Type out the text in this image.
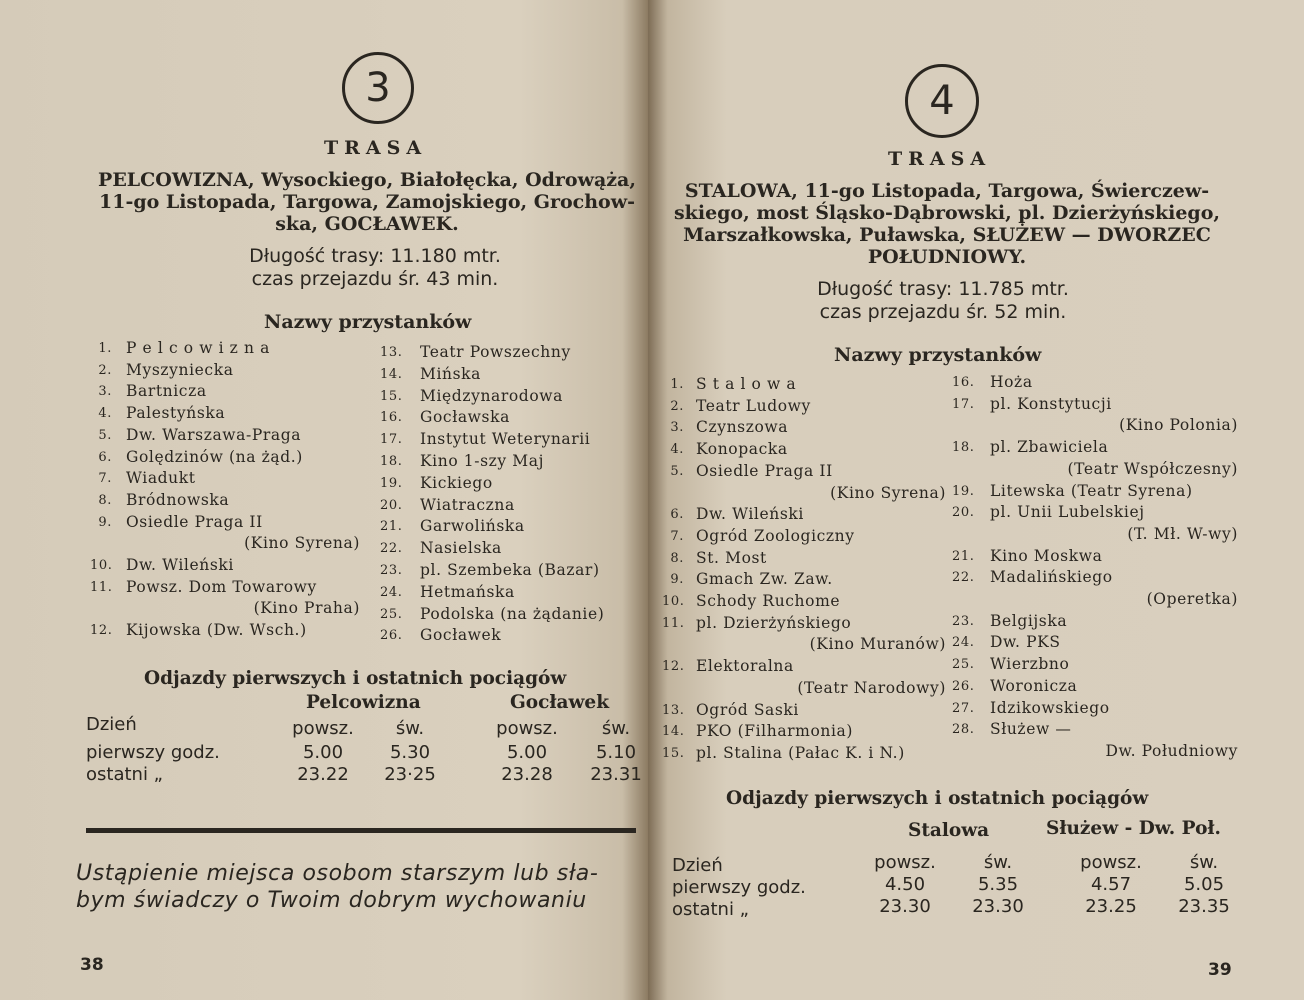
3
TRASA
PELCOWIZNA, Wysockiego, Białołęcka, Odrowąża,
11-go Listopada, Targowa, Zamojskiego, Grochow-
ska, GOCŁAWEK.
Długość trasy: 11.180 mtr.
czas przejazdu śr. 43 min.
Nazwy przystanków
1. P e l c o w i z n a
2. Myszyniecka
3. Bartnicza
4. Palestyńska
5. Dw. Warszawa-Praga
6. Golędzinów (na żąd.)
7. Wiadukt
8. Bródnowska
9. Osiedle Praga II
(Kino Syrena)
10. Dw. Wileński
11. Powsz. Dom Towarowy
(Kino Praha)
12. Kijowska (Dw. Wsch.)
13. Teatr Powszechny
14. Mińska
15. Międzynarodowa
16. Gocławska
17. Instytut Weterynarii
18. Kino 1-szy Maj
19. Kickiego
20. Wiatraczna
21. Garwolińska
22. Nasielska
23. pl. Szembeka (Bazar)
24. Hetmańska
25. Podolska (na żądanie)
26. Gocławek
Odjazdy pierwszych i ostatnich pociągów
Pelcowizna	Gocławek
Dzień
pierwszy godz.
ostatni „
powsz.
5.00
23.22
św.
5.30
23·25
powsz.
5.00
23.28
św.
5.10
23.31
Ustąpienie miejsca osobom starszym lub sła-
bym świadczy o Twoim dobrym wychowaniu
38
4
TRASA
STALOWA, 11-go Listopada, Targowa, Świerczew-
skiego, most Śląsko-Dąbrowski, pl. Dzierżyńskiego,
Marszałkowska, Puławska, SŁUŻEW — DWORZEC
POŁUDNIOWY.
Długość trasy: 11.785 mtr.
czas przejazdu śr. 52 min.
Nazwy przystanków
1. S t a l o w a
2. Teatr Ludowy
3. Czynszowa
4. Konopacka
5. Osiedle Praga II
(Kino Syrena)
6. Dw. Wileński
7. Ogród Zoologiczny
8. St. Most
9. Gmach Zw. Zaw.
10. Schody Ruchome
11. pl. Dzierżyńskiego
(Kino Muranów)
12. Elektoralna
(Teatr Narodowy)
13. Ogród Saski
14. PKO (Filharmonia)
15. pl. Stalina (Pałac K. i N.)
16. Hoża
17. pl. Konstytucji
(Kino Polonia)
18. pl. Zbawiciela
(Teatr Współczesny)
19. Litewska (Teatr Syrena)
20. pl. Unii Lubelskiej
(T. Mł. W-wy)
21. Kino Moskwa
22. Madalińskiego
(Operetka)
23. Belgijska
24. Dw. PKS
25. Wierzbno
26. Woronicza
27. Idzikowskiego
28. Służew —
Dw. Południowy
Odjazdy pierwszych i ostatnich pociągów
Stalowa	Służew - Dw. Poł.
Dzień
pierwszy godz.
ostatni „
powsz.
4.50
23.30
św.
5.35
23.30
powsz.
4.57
23.25
św.
5.05
23.35
39
